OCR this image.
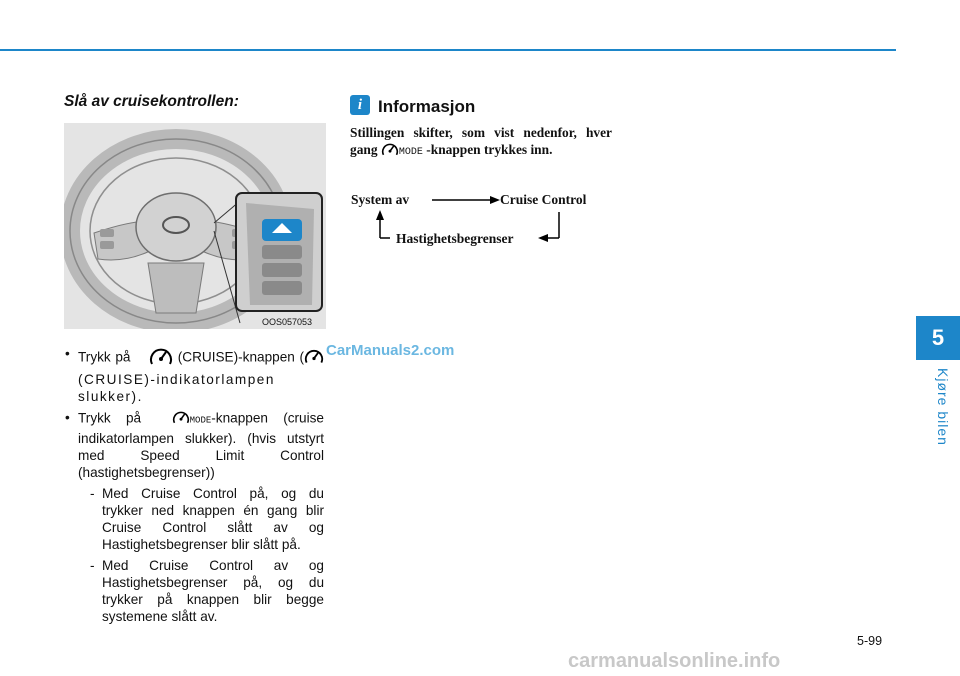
5
Kjøre bilen
Slå av cruisekontrollen:
OOS057053
• Trykk på	(CRUISE)-knappen ((CRUISE)-indikatorlampen slukker).
• Trykk på	MODE-knappen (cruise indikatorlampen slukker). (hvis utstyrt med Speed Limit Control (hastighetsbegrenser))
- Med Cruise Control på, og du trykker ned knappen én gang blir Cruise Control slått av og Hastighetsbegrenser blir slått på.
- Med Cruise Control av og Hastighetsbegrenser på, og du trykker på knappen blir begge systemene slått av.
i Informasjon
Stillingen skifter, som vist nedenfor, hver gang MODE -knappen trykkes inn.
System av	Cruise Control
Hastighetsbegrenser
CarManuals2.com
5-99
carmanualsonline.info
